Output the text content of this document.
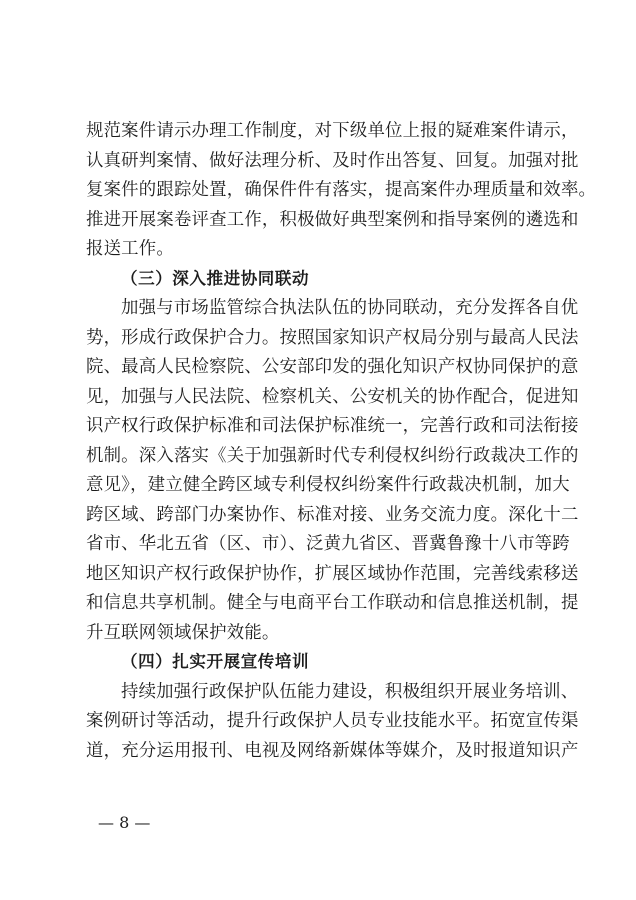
规范案件请示办理工作制度，对下级单位上报的疑难案件请示，
认真研判案情、做好法理分析、及时作出答复、回复。加强对批
复案件的跟踪处置，确保件件有落实，提高案件办理质量和效率。
推进开展案卷评查工作，积极做好典型案例和指导案例的遴选和
报送工作。
（三）深入推进协同联动
加强与市场监管综合执法队伍的协同联动，充分发挥各自优
势，形成行政保护合力。按照国家知识产权局分别与最高人民法
院、最高人民检察院、公安部印发的强化知识产权协同保护的意
见，加强与人民法院、检察机关、公安机关的协作配合，促进知
识产权行政保护标准和司法保护标准统一，完善行政和司法衔接
机制。深入落实《关于加强新时代专利侵权纠纷行政裁决工作的
意见》，建立健全跨区域专利侵权纠纷案件行政裁决机制，加大
跨区域、跨部门办案协作、标准对接、业务交流力度。深化十二
省市、华北五省（区、市）、泛黄九省区、晋冀鲁豫十八市等跨
地区知识产权行政保护协作，扩展区域协作范围，完善线索移送
和信息共享机制。健全与电商平台工作联动和信息推送机制，提
升互联网领域保护效能。
（四）扎实开展宣传培训
持续加强行政保护队伍能力建设，积极组织开展业务培训、
案例研讨等活动，提升行政保护人员专业技能水平。拓宽宣传渠
道，充分运用报刊、电视及网络新媒体等媒介，及时报道知识产
— 8 —
